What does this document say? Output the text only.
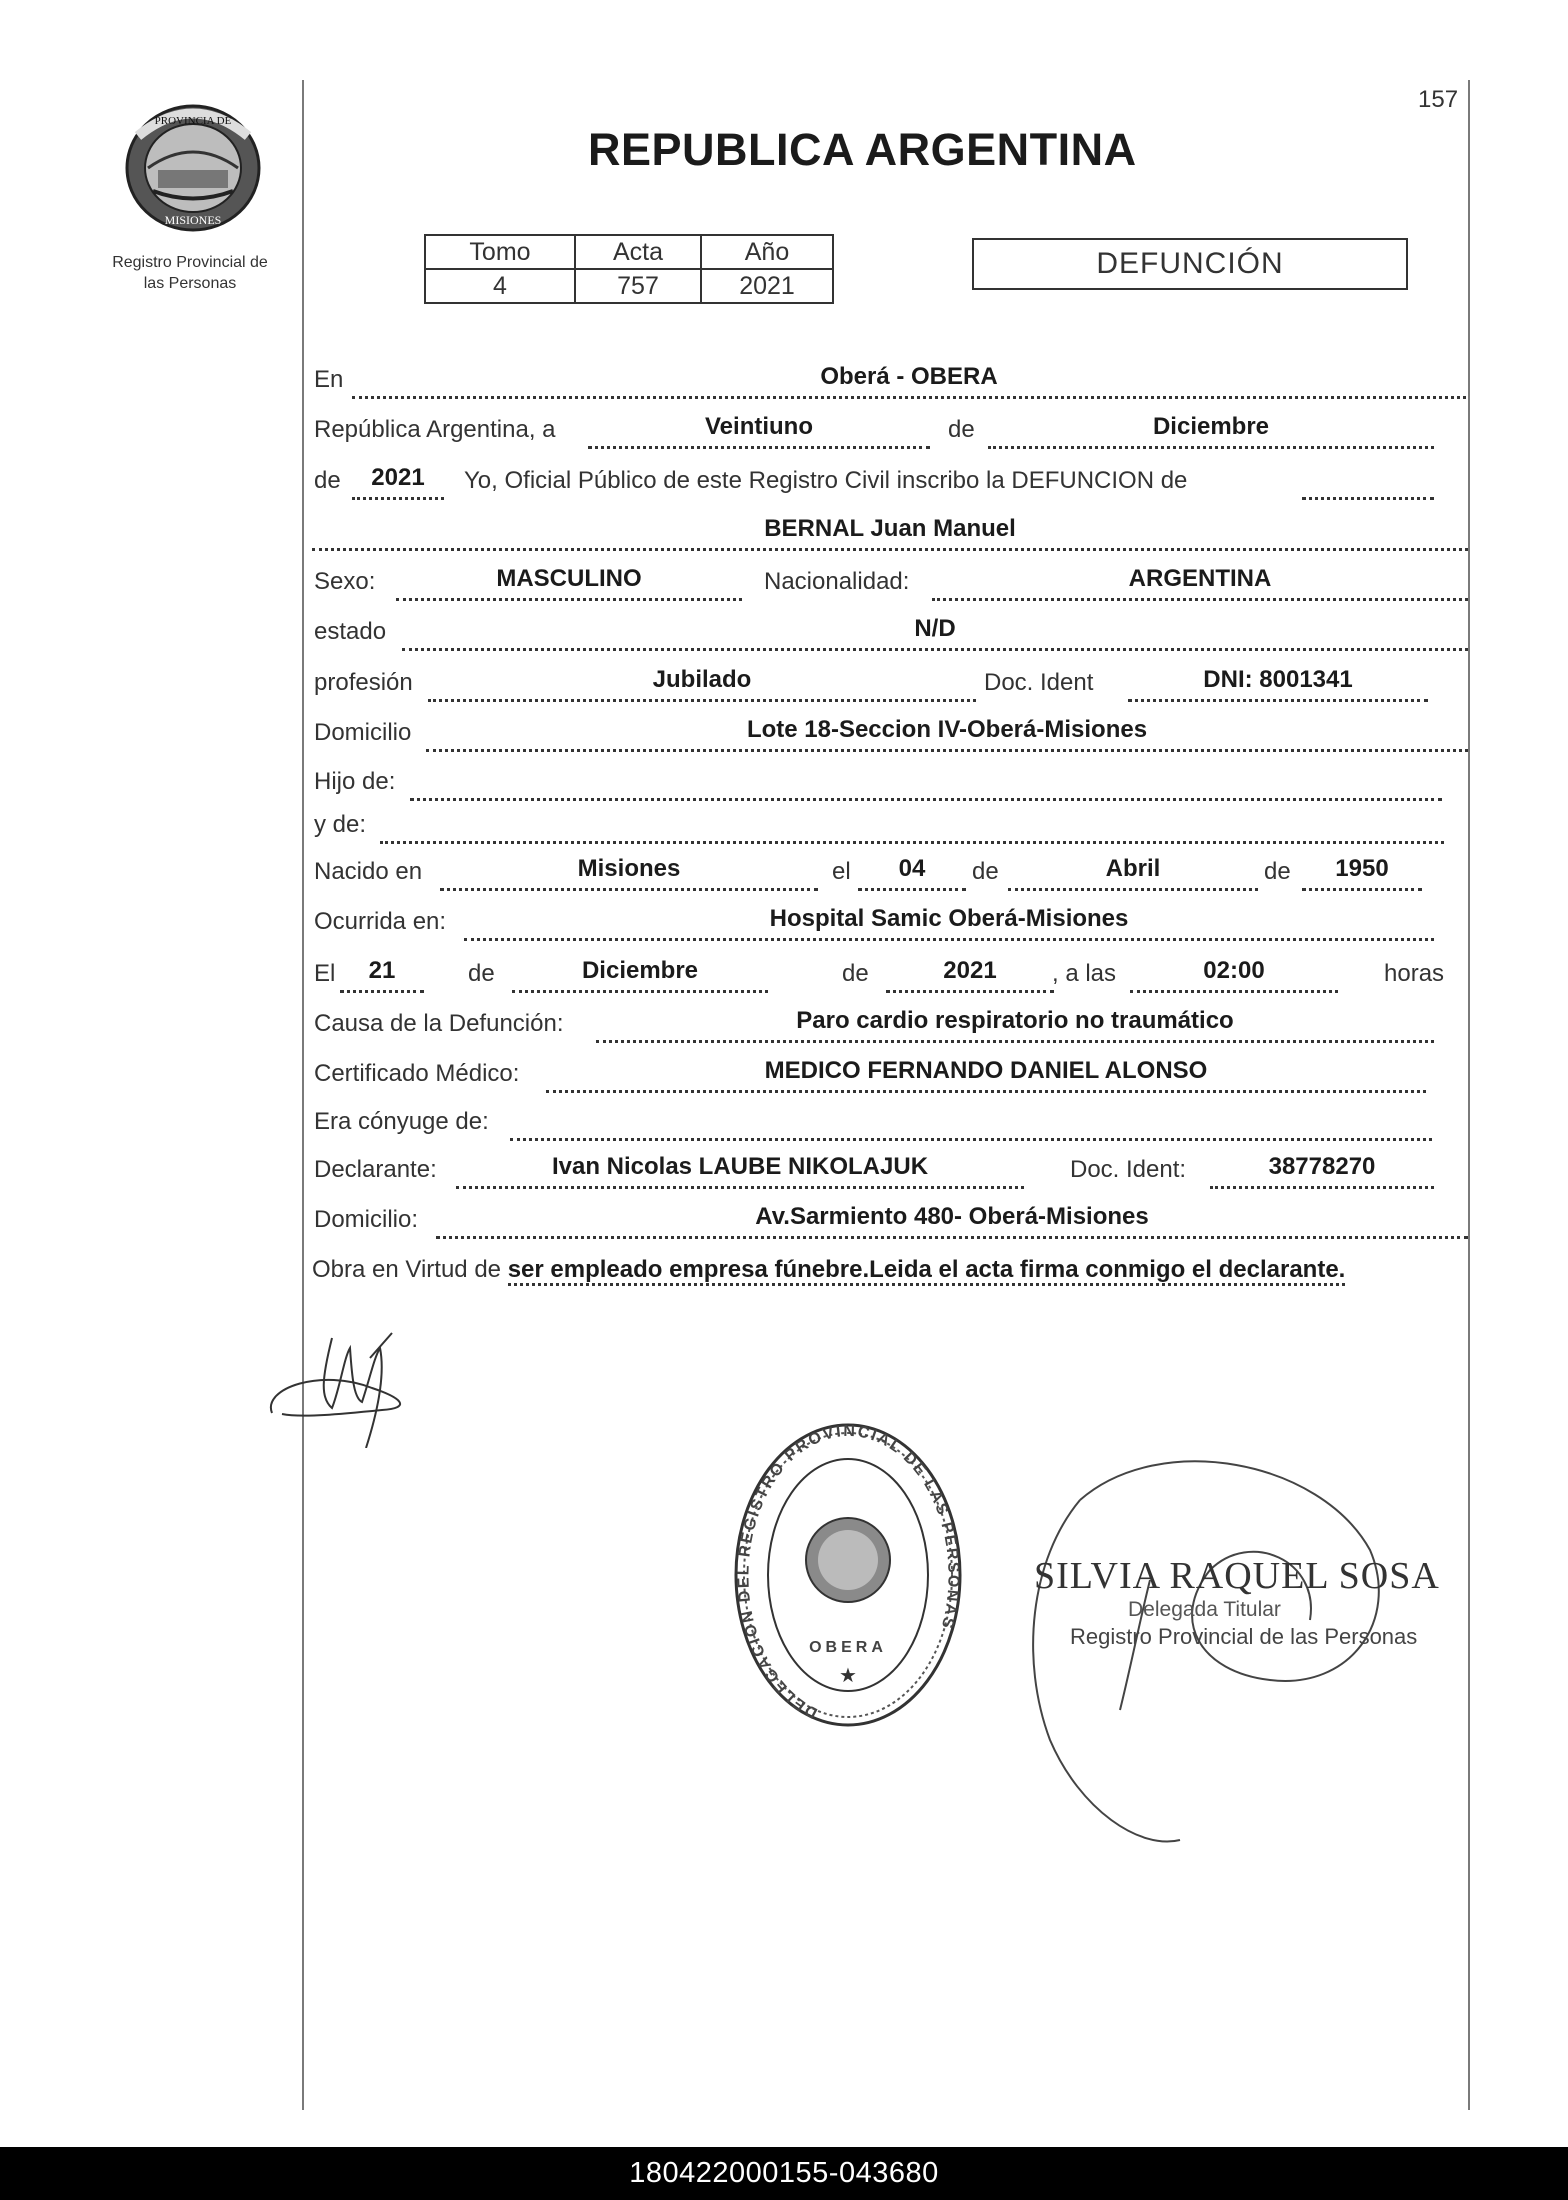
PROVINCIA DE
MISIONES
Registro Provincial de
las Personas
157
REPUBLICA ARGENTINA
Tomo	Acta	Año
4	757	2021
DEFUNCIÓN
En	Oberá - OBERA
República Argentina, a	Veintiuno	de	Diciembre
de	2021	Yo, Oficial Público de este Registro Civil inscribo la DEFUNCION de
BERNAL Juan Manuel
Sexo:	MASCULINO	Nacionalidad:	ARGENTINA
estado	N/D
profesión	Jubilado	Doc. Ident	DNI: 8001341
Domicilio	Lote 18-Seccion IV-Oberá-Misiones
Hijo de:
y de:
Nacido en	Misiones	el	04	de	Abril	de	1950
Ocurrida en:	Hospital Samic Oberá-Misiones
El	21	de	Diciembre	de	2021	, a las	02:00	horas
Causa de la Defunción:	Paro cardio respiratorio no traumático
Certificado Médico:	MEDICO FERNANDO DANIEL ALONSO
Era cónyuge de:
Declarante:	Ivan Nicolas LAUBE NIKOLAJUK	Doc. Ident:	38778270
Domicilio:	Av.Sarmiento 480- Oberá-Misiones
Obra en Virtud de ser empleado empresa fúnebre.Leida el acta firma conmigo el declarante.
DELEGACION DEL REGISTRO PROVINCIAL DE LAS PERSONAS
OBERA
★
SILVIA RAQUEL SOSA
Delegada Titular
Registro Provincial de las Personas
180422000155-043680
